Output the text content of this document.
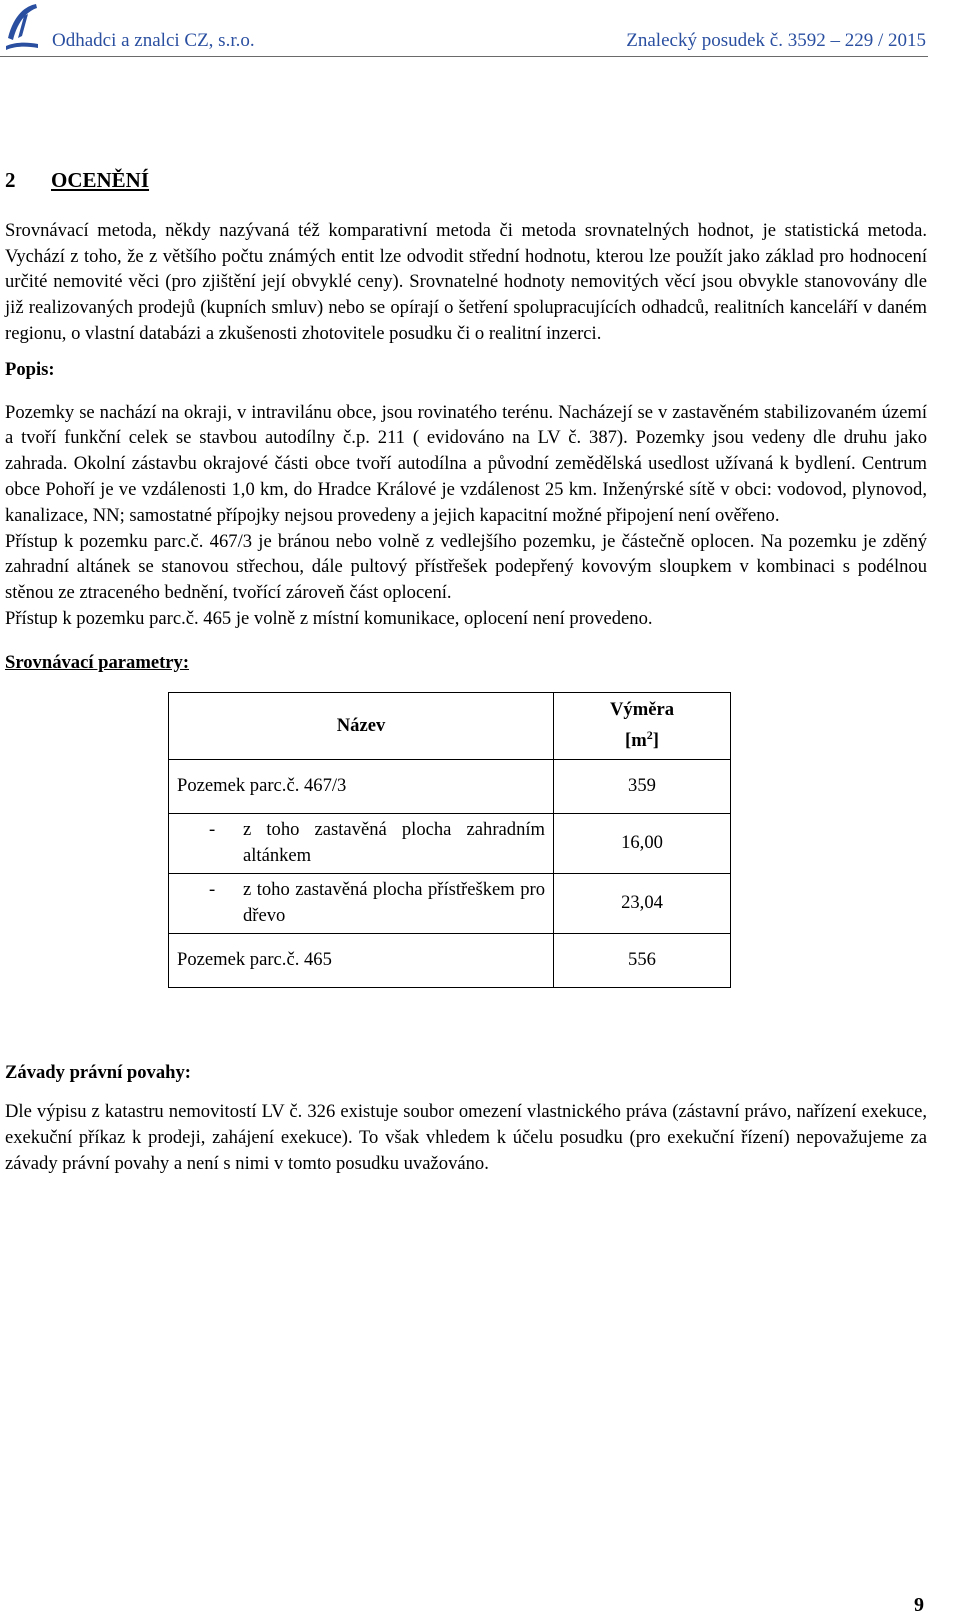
Odhadci a znalci CZ, s.r.o.	Znalecký posudek č. 3592 – 229 / 2015
2 OCENĚNÍ

Srovnávací metoda, někdy nazývaná též komparativní metoda či metoda srovnatelných hodnot, je statistická metoda. Vychází z toho, že z většího počtu známých entit lze odvodit střední hodnotu, kterou lze použít jako základ pro hodnocení určité nemovité věci (pro zjištění její obvyklé ceny). Srovnatelné hodnoty nemovitých věcí jsou obvykle stanovovány dle již realizovaných prodejů (kupních smluv) nebo se opírají o šetření spolupracujících odhadců, realitních kanceláří v daném regionu, o vlastní databázi a zkušenosti zhotovitele posudku či o realitní inzerci.

Popis:

Pozemky se nachází na okraji, v intravilánu obce, jsou rovinatého terénu. Nacházejí se v zastavěném stabilizovaném území a tvoří funkční celek se stavbou autodílny č.p. 211 ( evidováno na LV č. 387). Pozemky jsou vedeny dle druhu jako zahrada. Okolní zástavbu okrajové části obce tvoří autodílna a původní zemědělská usedlost užívaná k bydlení. Centrum obce Pohoří je ve vzdálenosti 1,0 km, do Hradce Králové je vzdálenost 25 km. Inženýrské sítě v obci: vodovod, plynovod, kanalizace, NN; samostatné přípojky nejsou provedeny a jejich kapacitní možné připojení není ověřeno.

Přístup k pozemku parc.č. 467/3 je bránou nebo volně z vedlejšího pozemku, je částečně oplocen. Na pozemku je zděný zahradní altánek se stanovou střechou, dále pultový přístřešek podepřený kovovým sloupkem v kombinaci s podélnou stěnou ze ztraceného bednění, tvořící zároveň část oplocení.

Přístup k pozemku parc.č. 465 je volně z místní komunikace, oplocení není provedeno.

Srovnávací parametry:
Název	Výměra
$[m^2]$
Pozemek parc.č. 467/3	359

- z toho zastavěná plocha zahradním altánkem	16,00

- z toho zastavěná plocha přístřeškem pro dřevo	23,04
Pozemek parc.č. 465	556
Závady právní povahy:

Dle výpisu z katastru nemovitostí LV č. 326 existuje soubor omezení vlastnického práva (zástavní právo, nařízení exekuce, exekuční příkaz k prodeji, zahájení exekuce). To však vhledem k účelu posudku (pro exekuční řízení) nepovažujeme za závady právní povahy a není s nimi v tomto posudku uvažováno.

9
